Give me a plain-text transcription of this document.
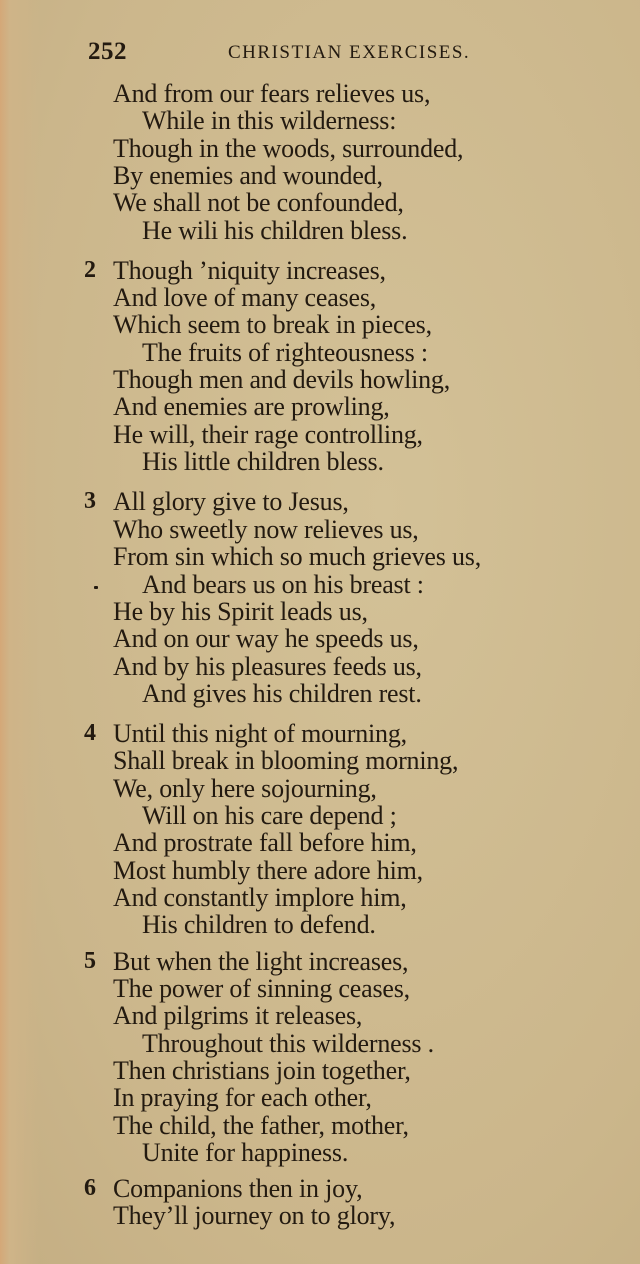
252	CHRISTIAN EXERCISES.
And from our fears relieves us,
While in this wilderness:
Though in the woods, surrounded,
By enemies and wounded,
We shall not be confounded,
He wili his children bless.
2 Though ’niquity increases,
And love of many ceases,
Which seem to break in pieces,
The fruits of righteousness :
Though men and devils howling,
And enemies are prowling,
He will, their rage controlling,
His little children bless.
3 All glory give to Jesus,
Who sweetly now relieves us,
From sin which so much grieves us,
And bears us on his breast :
He by his Spirit leads us,
And on our way he speeds us,
And by his pleasures feeds us,
And gives his children rest.
4 Until this night of mourning,
Shall break in blooming morning,
We, only here sojourning,
Will on his care depend ;
And prostrate fall before him,
Most humbly there adore him,
And constantly implore him,
His children to defend.
5 But when the light increases,
The power of sinning ceases,
And pilgrims it releases,
Throughout this wilderness .
Then christians join together,
In praying for each other,
The child, the father, mother,
Unite for happiness.
6 Companions then in joy,
They’ll journey on to glory,
